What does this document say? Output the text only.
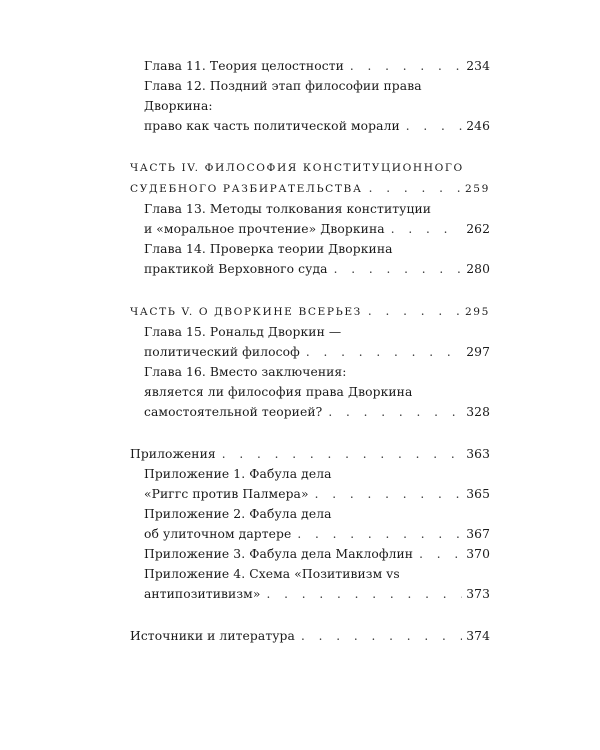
Глава 11. Теория целостности . . .	234
Глава 12. Поздний этап философии права Дворкина:
право как часть политической морали . . .	246
ЧАСТЬ IV. ФИЛОСОФИЯ КОНСТИТУЦИОННОГО
СУДЕБНОГО РАЗБИРАТЕЛЬСТВА . . .	259
Глава 13. Методы толкования конституции
и «моральное прочтение» Дворкина . . .	262
Глава 14. Проверка теории Дворкина
практикой Верховного суда . . .	280
ЧАСТЬ V. О ДВОРКИНЕ ВСЕРЬЕЗ . . .	295
Глава 15. Рональд Дворкин —
политический философ . . .	297
Глава 16. Вместо заключения:
является ли философия права Дворкина
самостоятельной теорией? . . .	328
Приложения . . .	363
Приложение 1. Фабула дела
«Риггс против Палмера» . . .	365
Приложение 2. Фабула дела
об улиточном дартере . . .	367
Приложение 3. Фабула дела Маклофлин . . .	370
Приложение 4. Схема «Позитивизм vs
антипозитивизм» . . .	373
Источники и литература . . .	374
